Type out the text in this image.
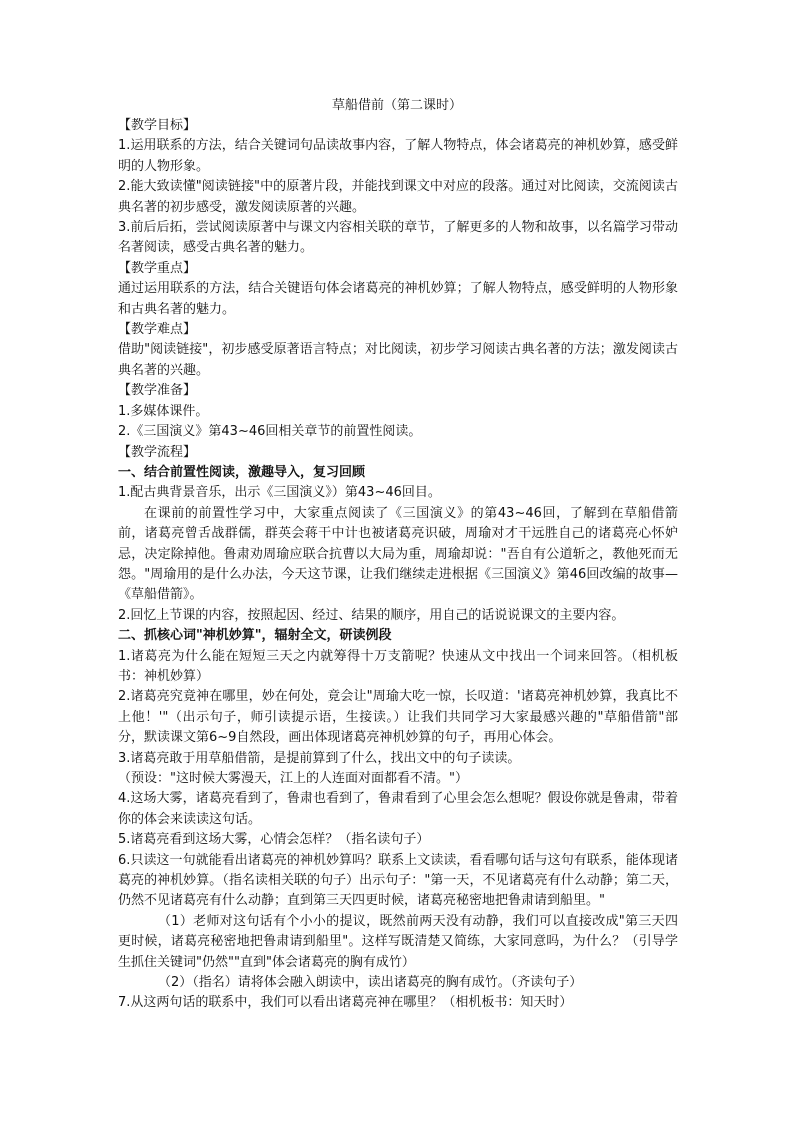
草船借前（第二课时）

【教学目标】

1.运用联系的方法，结合关键词句品读故事内容，了解人物特点，体会诸葛亮的神机妙算，感受鲜明的人物形象。

2.能大致读懂"阅读链接"中的原著片段，并能找到课文中对应的段落。通过对比阅读，交流阅读古典名著的初步感受，激发阅读原著的兴趣。

3.前后后拓，尝试阅读原著中与课文内容相关联的章节，了解更多的人物和故事，以名篇学习带动名著阅读，感受古典名著的魅力。

【教学重点】

通过运用联系的方法，结合关键语句体会诸葛亮的神机妙算；了解人物特点，感受鲜明的人物形象和古典名著的魅力。

【教学难点】

借助"阅读链接"，初步感受原著语言特点；对比阅读，初步学习阅读古典名著的方法；激发阅读古典名著的兴趣。

【教学准备】

1.多媒体课件。

2.《三国演义》第43~46回相关章节的前置性阅读。

【教学流程】

一、结合前置性阅读，激趣导入，复习回顾

1.配古典背景音乐，出示《三国演义》）第43~46回目。

在课前的前置性学习中，大家重点阅读了《三国演义》的第43~46回，了解到在草船借箭前，诸葛亮曾舌战群儒，群英会蒋干中计也被诸葛亮识破，周瑜对才干远胜自己的诸葛亮心怀妒忌，决定除掉他。鲁肃劝周瑜应联合抗曹以大局为重，周瑜却说："吾自有公道斩之，教他死而无怨。"周瑜用的是什么办法，今天这节课，让我们继续走进根据《三国演义》第46回改编的故事—《草船借箭》。

2.回忆上节课的内容，按照起因、经过、结果的顺序，用自己的话说说课文的主要内容。

二、抓核心词"神机妙算"，辐射全文，研读例段

1.诸葛亮为什么能在短短三天之内就筹得十万支箭呢？快速从文中找出一个词来回答。（相机板书：神机妙算）

2.诸葛亮究竟神在哪里，妙在何处，竟会让"周瑜大吃一惊，长叹道：'诸葛亮神机妙算，我真比不上他！'"（出示句子，师引读提示语，生接读。）让我们共同学习大家最感兴趣的"草船借箭"部分，默读课文第6~9自然段，画出体现诸葛亮神机妙算的句子，再用心体会。

3.诸葛亮敢于用草船借箭，是提前算到了什么，找出文中的句子读读。

（预设："这时候大雾漫天，江上的人连面对面都看不清。"）

4.这场大雾，诸葛亮看到了，鲁肃也看到了，鲁肃看到了心里会怎么想呢？假设你就是鲁肃，带着你的体会来读读这句话。

5.诸葛亮看到这场大雾，心情会怎样？（指名读句子）

6.只读这一句就能看出诸葛亮的神机妙算吗？联系上文读读，看看哪句话与这句有联系，能体现诸葛亮的神机妙算。（指名读相关联的句子）出示句子："第一天，不见诸葛亮有什么动静；第二天，仍然不见诸葛亮有什么动静；直到第三天四更时候，诸葛亮秘密地把鲁肃请到船里。"

（1）老师对这句话有个小小的提议，既然前两天没有动静，我们可以直接改成"第三天四更时候，诸葛亮秘密地把鲁肃请到船里"。这样写既清楚又简练，大家同意吗，为什么？（引导学生抓住关键词"仍然""直到"体会诸葛亮的胸有成竹）

（2）（指名）请将体会融入朗读中，读出诸葛亮的胸有成竹。（齐读句子）

7.从这两句话的联系中，我们可以看出诸葛亮神在哪里？（相机板书：知天时）
